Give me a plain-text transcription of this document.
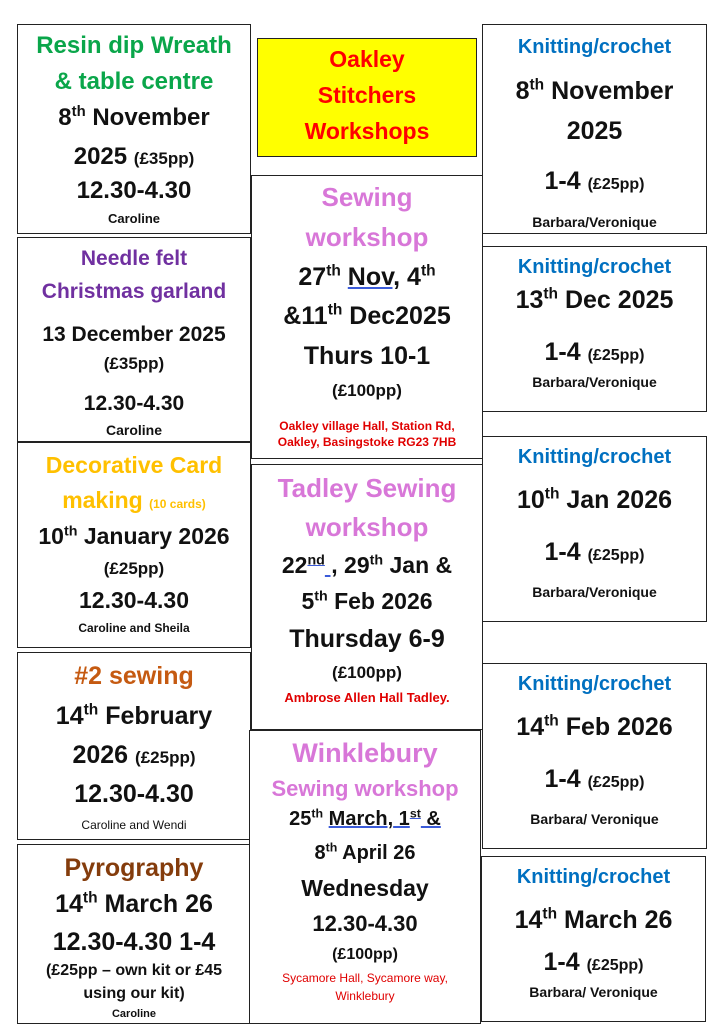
Resin dip Wreath
& table centre
8th November
2025 (£35pp)
12.30-4.30
Caroline
Needle felt
Christmas garland
13 December 2025
(£35pp)
12.30-4.30
Caroline
Decorative Card
making (10 cards)
10th January 2026
(£25pp)
12.30-4.30
Caroline and Sheila
#2 sewing
14th February
2026 (£25pp)
12.30-4.30
Caroline and Wendi
Pyrography
14th March 26
12.30-4.30 1-4
(£25pp – own kit or £45
using our kit)
Caroline
Oakley
Stitchers
Workshops
Sewing
workshop
27th Nov, 4th
&11th Dec2025
Thurs 10-1
(£100pp)
Oakley village Hall, Station Rd,
Oakley, Basingstoke RG23 7HB
Tadley Sewing
workshop
22nd , 29th Jan &
5th Feb 2026
Thursday 6-9
(£100pp)
Ambrose Allen Hall Tadley.
Winklebury
Sewing workshop
25th March, 1st &
8th April 26
Wednesday
12.30-4.30
(£100pp)
Sycamore Hall, Sycamore way,
Winklebury
Knitting/crochet
8th November
2025
1-4 (£25pp)
Barbara/Veronique
Knitting/crochet
13th Dec 2025
1-4 (£25pp)
Barbara/Veronique
Knitting/crochet
10th Jan 2026
1-4 (£25pp)
Barbara/Veronique
Knitting/crochet
14th Feb 2026
1-4 (£25pp)
Barbara/ Veronique
Knitting/crochet
14th March 26
1-4 (£25pp)
Barbara/ Veronique
